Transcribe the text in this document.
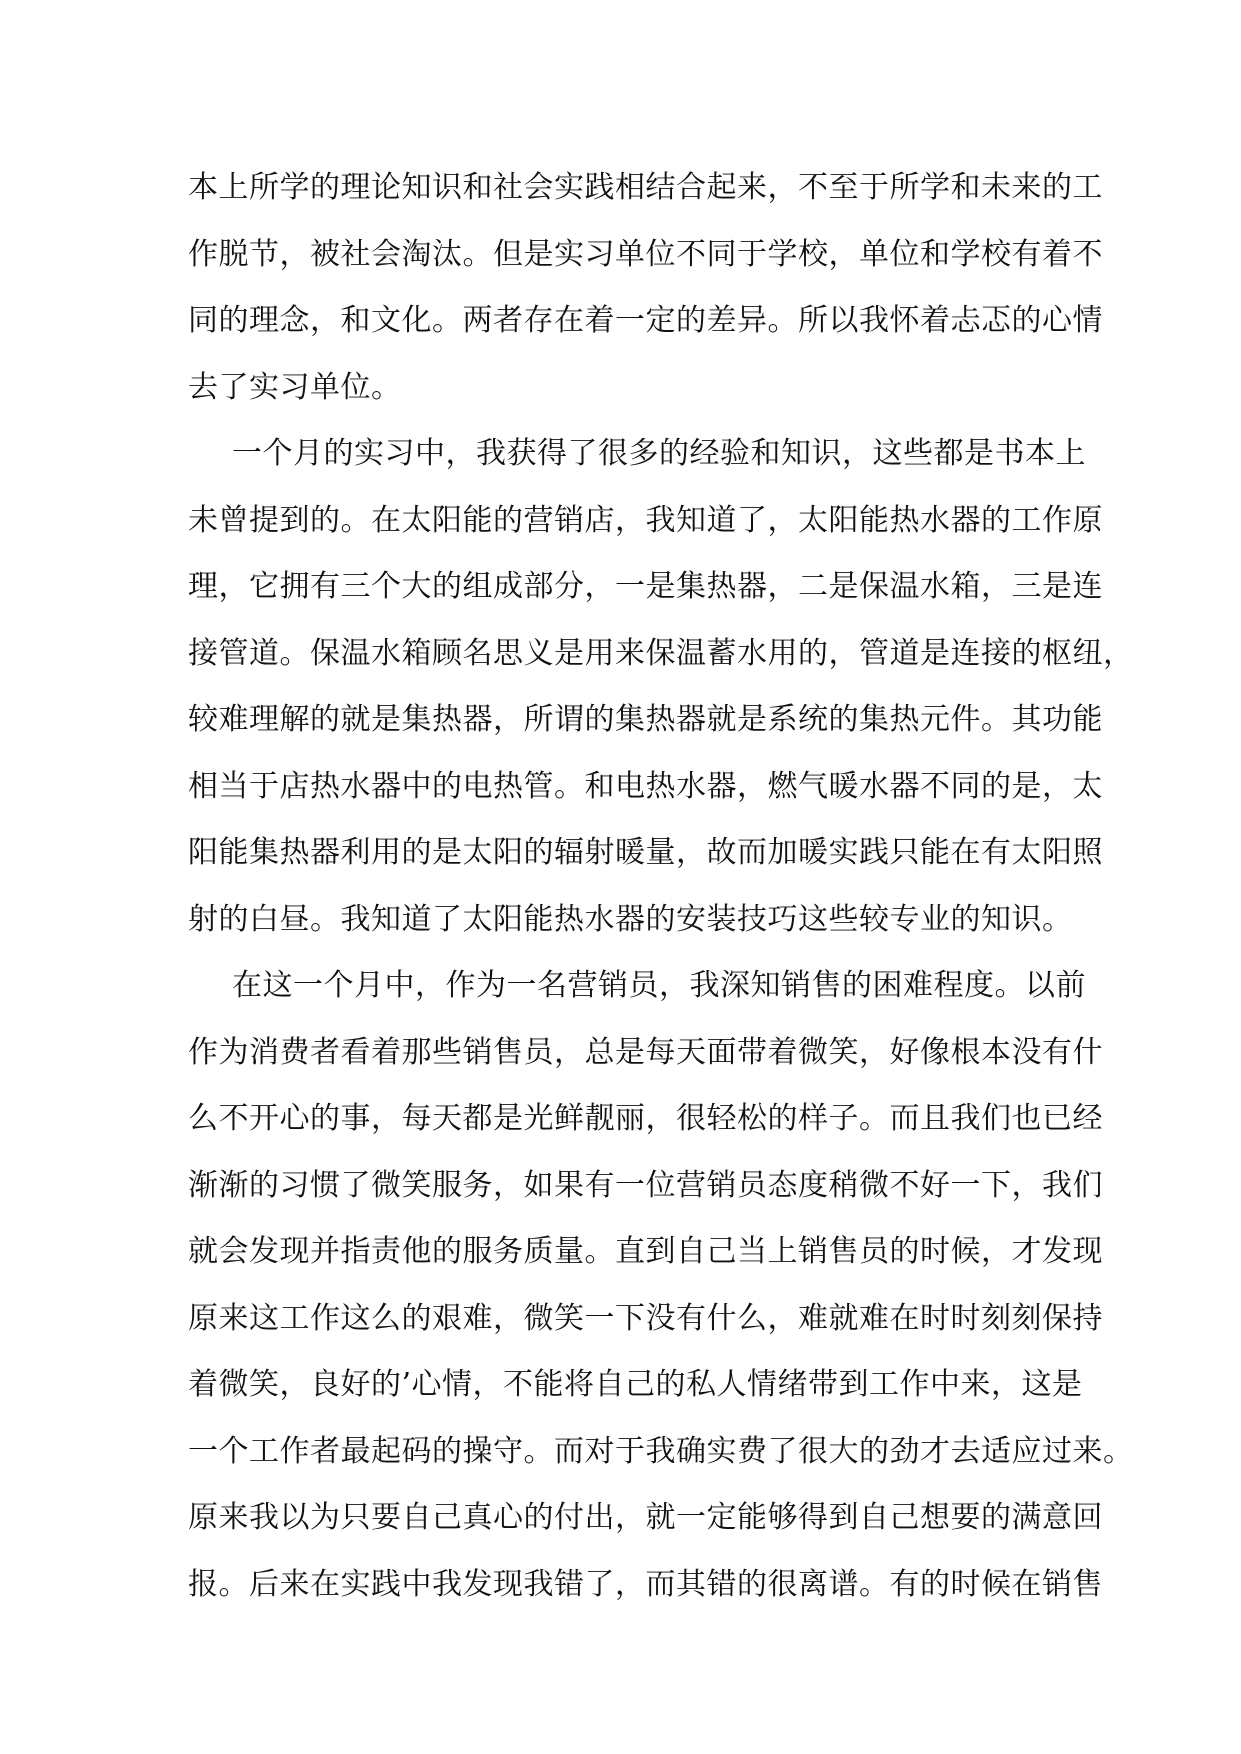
本上所学的理论知识和社会实践相结合起来，不至于所学和未来的工
作脱节，被社会淘汰。但是实习单位不同于学校，单位和学校有着不
同的理念，和文化。两者存在着一定的差异。所以我怀着忐忑的心情
去了实习单位。
一个月的实习中，我获得了很多的经验和知识，这些都是书本上
未曾提到的。在太阳能的营销店，我知道了，太阳能热水器的工作原
理，它拥有三个大的组成部分，一是集热器，二是保温水箱，三是连
接管道。保温水箱顾名思义是用来保温蓄水用的，管道是连接的枢纽，
较难理解的就是集热器，所谓的集热器就是系统的集热元件。其功能
相当于店热水器中的电热管。和电热水器，燃气暖水器不同的是，太
阳能集热器利用的是太阳的辐射暖量，故而加暖实践只能在有太阳照
射的白昼。我知道了太阳能热水器的安装技巧这些较专业的知识。
在这一个月中，作为一名营销员，我深知销售的困难程度。以前
作为消费者看着那些销售员，总是每天面带着微笑，好像根本没有什
么不开心的事，每天都是光鲜靓丽，很轻松的样子。而且我们也已经
渐渐的习惯了微笑服务，如果有一位营销员态度稍微不好一下，我们
就会发现并指责他的服务质量。直到自己当上销售员的时候，才发现
原来这工作这么的艰难，微笑一下没有什么，难就难在时时刻刻保持
着微笑，良好的’心情，不能将自己的私人情绪带到工作中来，这是
一个工作者最起码的操守。而对于我确实费了很大的劲才去适应过来。
原来我以为只要自己真心的付出，就一定能够得到自己想要的满意回
报。后来在实践中我发现我错了，而其错的很离谱。有的时候在销售
